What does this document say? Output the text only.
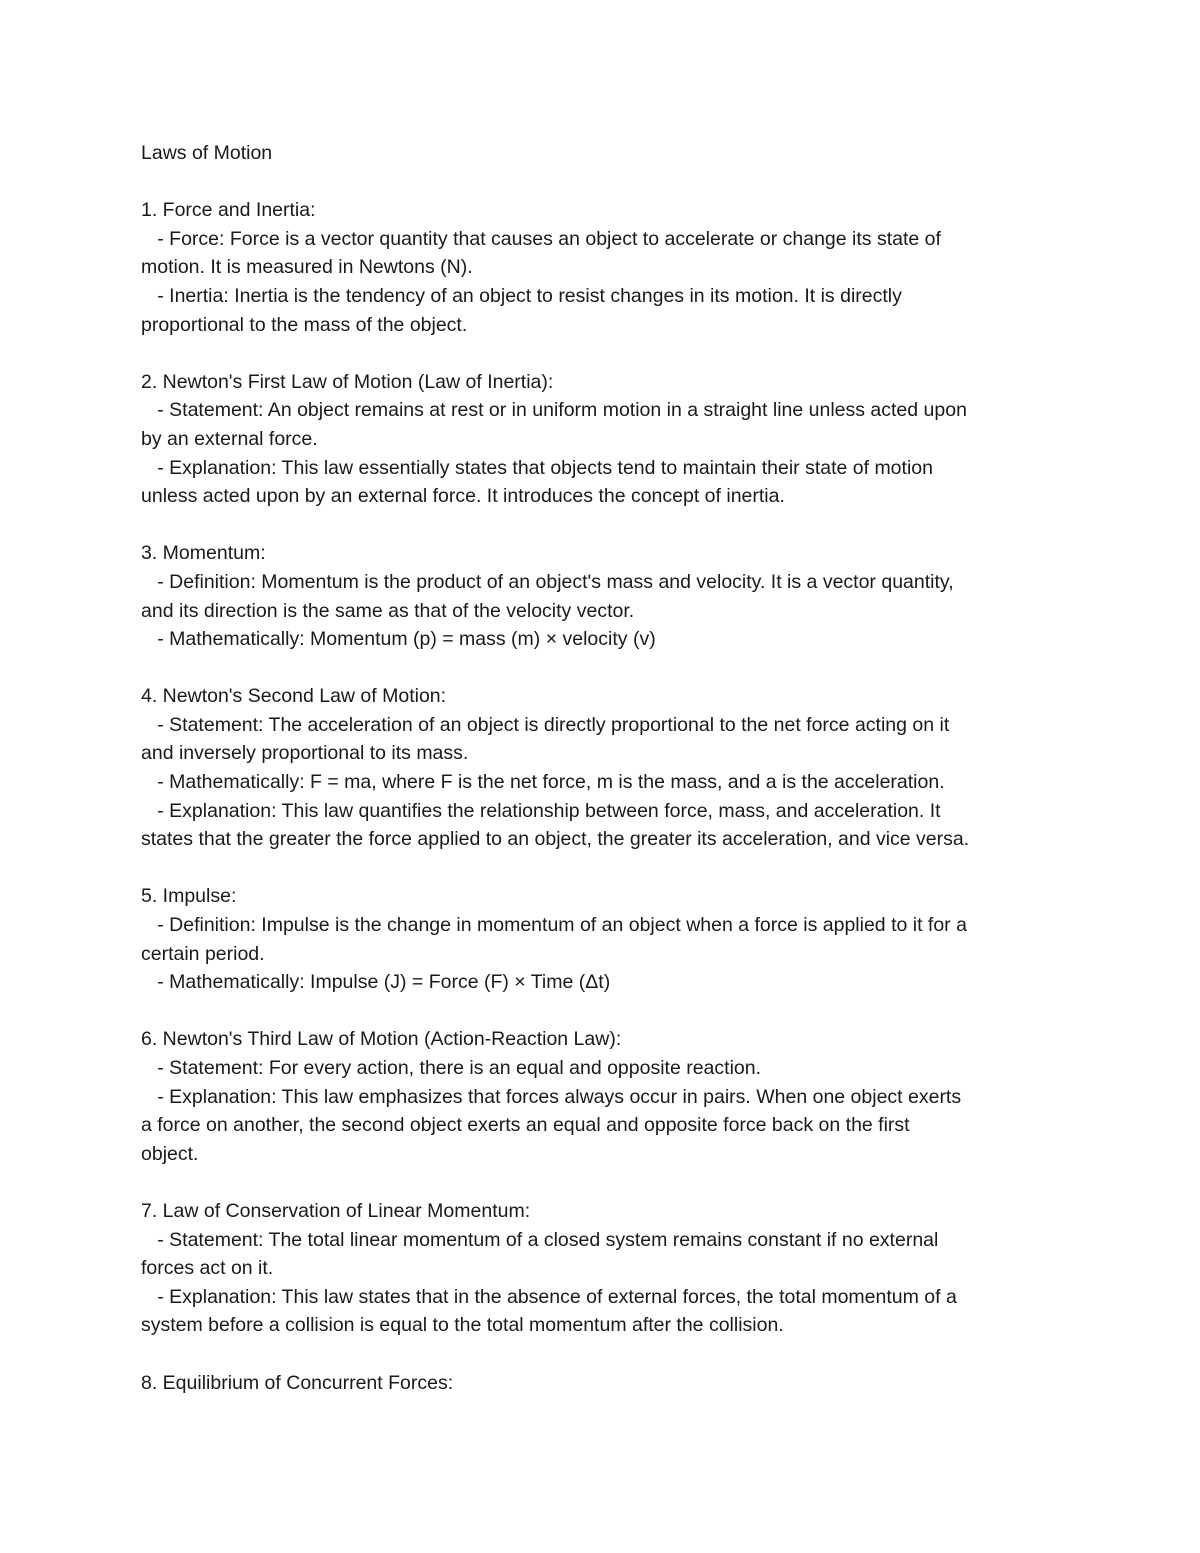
Laws of Motion

1. Force and Inertia:

- Force: Force is a vector quantity that causes an object to accelerate or change its state of

motion. It is measured in Newtons (N).

- Inertia: Inertia is the tendency of an object to resist changes in its motion. It is directly

proportional to the mass of the object.

2. Newton's First Law of Motion (Law of Inertia):

- Statement: An object remains at rest or in uniform motion in a straight line unless acted upon

by an external force.

- Explanation: This law essentially states that objects tend to maintain their state of motion

unless acted upon by an external force. It introduces the concept of inertia.

3. Momentum:

- Definition: Momentum is the product of an object's mass and velocity. It is a vector quantity,

and its direction is the same as that of the velocity vector.

- Mathematically: Momentum (p) = mass (m) × velocity (v)

4. Newton's Second Law of Motion:

- Statement: The acceleration of an object is directly proportional to the net force acting on it

and inversely proportional to its mass.

- Mathematically: F = ma, where F is the net force, m is the mass, and a is the acceleration.

- Explanation: This law quantifies the relationship between force, mass, and acceleration. It

states that the greater the force applied to an object, the greater its acceleration, and vice versa.

5. Impulse:

- Definition: Impulse is the change in momentum of an object when a force is applied to it for a

certain period.

- Mathematically: Impulse (J) = Force (F) × Time (Δt)

6. Newton's Third Law of Motion (Action-Reaction Law):

- Statement: For every action, there is an equal and opposite reaction.

- Explanation: This law emphasizes that forces always occur in pairs. When one object exerts

a force on another, the second object exerts an equal and opposite force back on the first

object.

7. Law of Conservation of Linear Momentum:

- Statement: The total linear momentum of a closed system remains constant if no external

forces act on it.

- Explanation: This law states that in the absence of external forces, the total momentum of a

system before a collision is equal to the total momentum after the collision.

8. Equilibrium of Concurrent Forces:
